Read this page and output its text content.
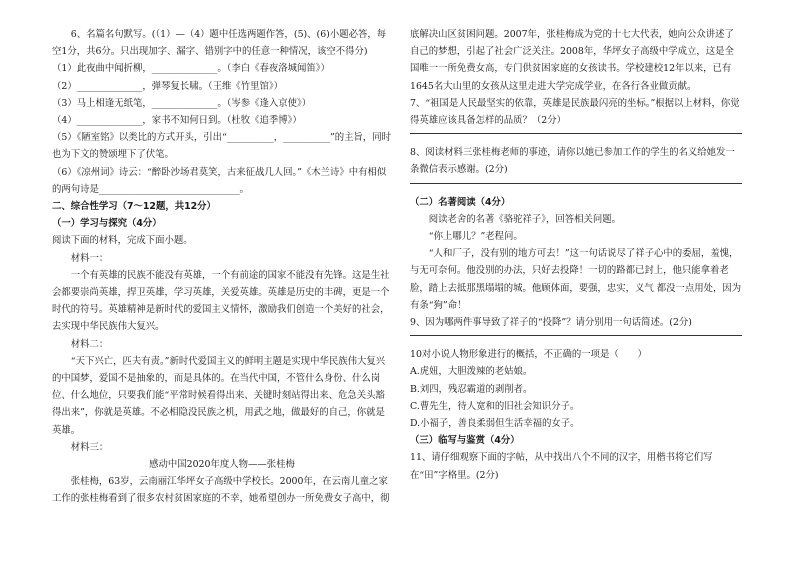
6、名篇名句默写。(（1）—（4）题中任选两题作答，(5)、(6)小题必答，每空1分，共6分。只出现加字、漏字、错别字中的任意一种情况，该空不得分)

（1）此夜曲中闻折柳，______________。（李白《春夜洛城闻笛》）

（2）______________，弹琴复长啸。（王维《竹里馆》）

（3）马上相逢无纸笔，______________。（岑参《逢入京使》）

（4）______________，家书不知何日到。（杜牧《追季博》）

（5）《陋室铭》以类比的方式开头，引出“__________，__________”的主旨，同时也为下文的赞颂埋下了伏笔。

（6）《凉州词》诗云：“醉卧沙场君莫笑，古来征战几人回。”《木兰诗》中有相似的两句诗是______________________________。

二、综合性学习（7～12题，共12分）

（一）学习与探究（4分）

阅读下面的材料，完成下面小题。

材料一：

一个有英雄的民族不能没有英雄，一个有前途的国家不能没有先锋。这是生社会都要崇尚英雄，捍卫英雄，学习英雄，关爱英雄。英雄是历史的丰碑，更是一个时代的符号。英雄精神是新时代的爱国主义情怀，激励我们创造一个美好的社会，去实现中华民族伟大复兴。

材料二：

“天下兴亡，匹夫有责。”新时代爱国主义的鲜明主题是实现中华民族伟大复兴的中国梦，爱国不是抽象的，而是具体的。在当代中国，不管什么身份、什么岗位、什么地位，只要我们能“平常时候看得出来、关键时刻站得出来、危急关头豁得出来”，你就是英雄。不必相隐没民族之机，用武之地，做最好的自己，你就是英雄。

材料三：

感动中国2020年度人物——张桂梅

张桂梅，63岁，云南丽江华坪女子高级中学校长。2000年，在云南儿童之家工作的张桂梅看到了很多农村贫困家庭的不幸，她希望创办一所免费女子高中，彻

底解决山区贫困问题。2007年，张桂梅成为党的十七大代表，她向公众讲述了自己的梦想，引起了社会广泛关注。2008年，华坪女子高级中学成立，这是全国唯一一所免费女高，专门供贫困家庭的女孩读书。学校建校12年以来，已有1645名大山里的女孩从这里走进大学完成学业，在各行各业做贡献。

7、“祖国是人民最坚实的依靠，英雄是民族最闪亮的坐标。”根据以上材料，你觉得英雄应该具备怎样的品质？（2分）

8、阅读材料三张桂梅老师的事迹，请你以她已参加工作的学生的名义给她发一条微信表示感谢。(2分)

（二）名著阅读（4分）

阅读老舍的名著《骆驼祥子》，回答相关问题。

“你上哪儿？”老程问。

“人和厂子，没有别的地方可去！”这一句话说尽了祥子心中的委屈，羞愧，与无可奈何。他没别的办法，只好去投降！一切的路都已封上，他只能拿着老脸，踏上去抵那黑塌塌的城。他顾体面，要强，忠实，义气 都没一点用处，因为有条“狗”命！

9、因为哪两件事导致了祥子的“投降”？请分别用一句话简述。(2分)

10对小说人物形象进行的概括，不正确的一项是（　　）

A.虎妞，大胆泼辣的老姑娘。

B.刘四，残忍霸道的剥削者。

C.曹先生，待人宽和的旧社会知识分子。

D.小福子，善良柔弱但生活幸福的女子。

（三）临写与鉴赏（4分）

11、请仔细观察下面的字帖，从中找出八个不同的汉字，用楷书将它们写在“田”字格里。(2分)
